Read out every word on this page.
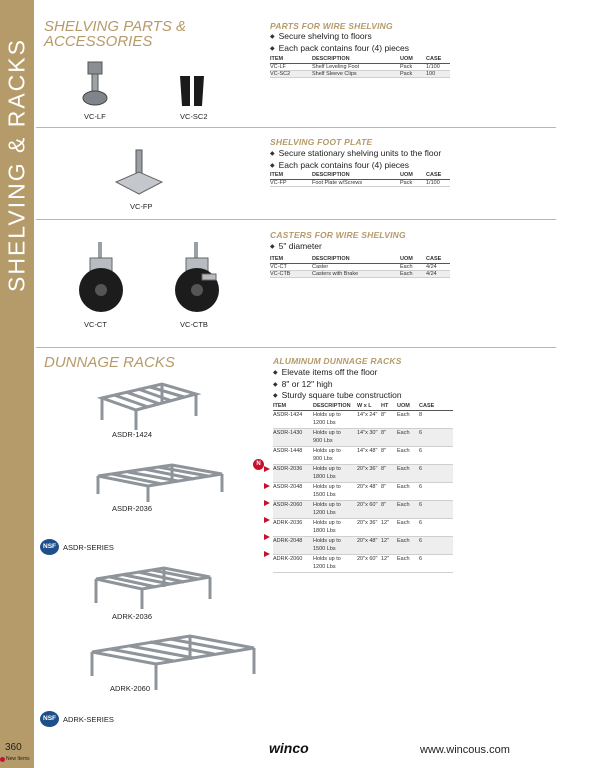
SHELVING & RACKS
SHELVING PARTS &
ACCESSORIES
VC-LF	VC-SC2
PARTS FOR WIRE SHELVING
◆ Secure shelving to floors
◆ Each pack contains four (4) pieces
ITEM	DESCRIPTION	UOM	CASE
VC-LF	Shelf Leveling Foot	Pack	1/100
VC-SC2	Shelf Sleeve Clips	Pack	100
VC-FP
SHELVING FOOT PLATE
◆ Secure stationary shelving units to the floor
◆ Each pack contains four (4) pieces
ITEM	DESCRIPTION	UOM	CASE
VC-FP	Foot Plate w/Screws	Pack	1/100
VC-CT	VC-CTB
CASTERS FOR WIRE SHELVING
◆ 5" diameter
ITEM	DESCRIPTION	UOM	CASE
VC-CT	Caster	Each	4/24
VC-CTB	Casters with Brake	Each	4/24
DUNNAGE RACKS
ASDR-1424
ASDR-2036
NSF ASDR-SERIES
ADRK-2036
ADRK-2060
NSF ADRK-SERIES
ALUMINUM DUNNAGE RACKS
◆ Elevate items off the floor
◆ 8" or 12" high
◆ Sturdy square tube construction
ITEM	DESCRIPTION	W x L	HT	UOM	CASE
ASDR-1424	Holds up to
1200 Lbs
14"x 24" 8"	Each	8
ASDR-1430	Holds up to
900 Lbs
14"x 30" 8"	Each	6
ASDR-1448	Holds up to
900 Lbs
14"x 48" 8"	Each	6
ASDR-2036	Holds up to
1800 Lbs
20"x 36" 8"	Each	6
ASDR-2048	Holds up to
1500 Lbs
20"x 48" 8"	Each	6
ASDR-2060	Holds up to
1200 Lbs
20"x 60" 8"	Each	6
ADRK-2036	Holds up to
1800 Lbs
20"x 36" 12"	Each	6
ADRK-2048	Holds up to
1500 Lbs
20"x 48" 12"	Each	6
ADRK-2060	Holds up to
1200 Lbs
20"x 60" 12"	Each	6
N
360
New Items
winco	www.wincous.com
